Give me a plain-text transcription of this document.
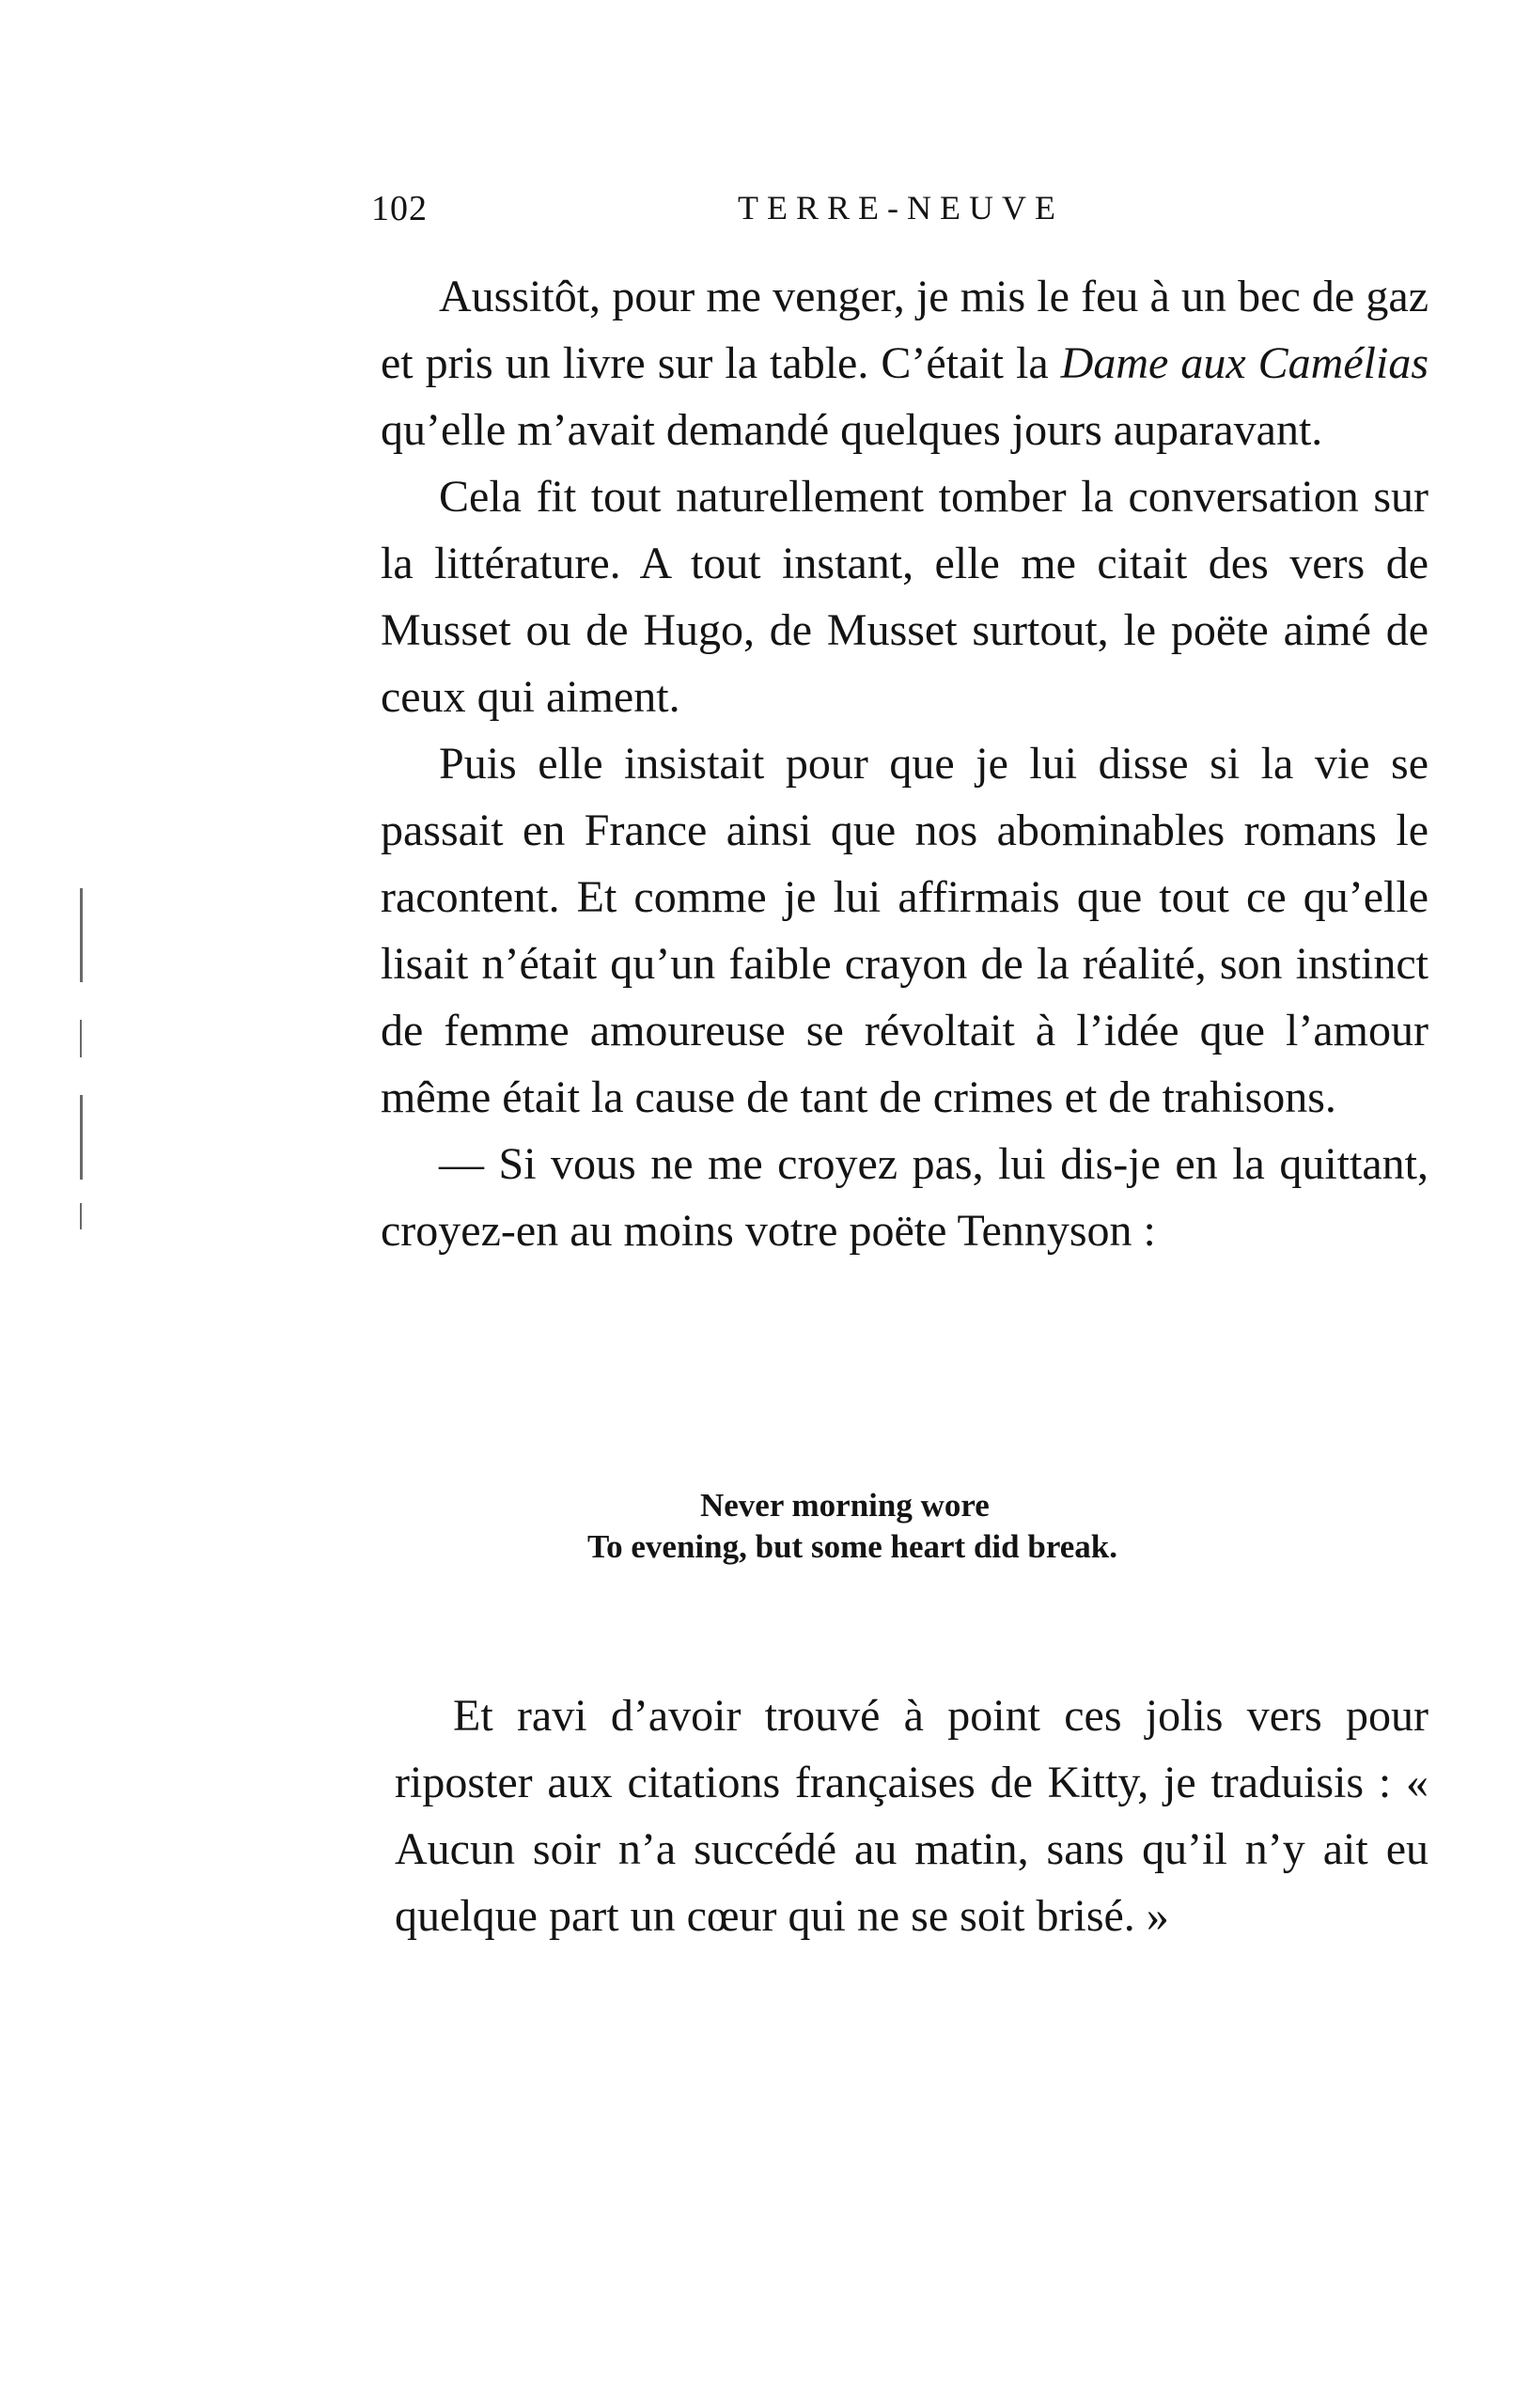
102	TERRE-NEUVE

Aussitôt, pour me venger, je mis le feu à un bec de gaz et pris un livre sur la table. C’était la Dame aux Camélias qu’elle m’avait demandé quelques jours auparavant.

Cela fit tout naturellement tomber la conversation sur la littérature. A tout instant, elle me citait des vers de Musset ou de Hugo, de Musset surtout, le poëte aimé de ceux qui aiment.

Puis elle insistait pour que je lui disse si la vie se passait en France ainsi que nos abominables romans le racontent. Et comme je lui affirmais que tout ce qu’elle lisait n’était qu’un faible crayon de la réalité, son instinct de femme amoureuse se révoltait à l’idée que l’amour même était la cause de tant de crimes et de trahisons.

— Si vous ne me croyez pas, lui dis-je en la quittant, croyez-en au moins votre poëte Tennyson :

Never morning wore

To evening, but some heart did break.

Et ravi d’avoir trouvé à point ces jolis vers pour riposter aux citations françaises de Kitty, je traduisis : « Aucun soir n’a succédé au matin, sans qu’il n’y ait eu quelque part un cœur qui ne se soit brisé. »
